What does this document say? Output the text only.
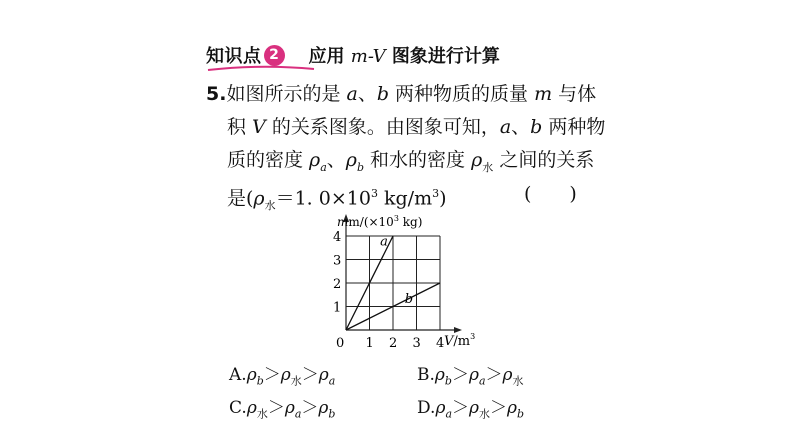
知识点 2	应用 m-V 图象进行计算
5.如图所示的是 a、b 两种物质的质量 m 与体
积 V 的关系图象。由图象可知，a、b 两种物
质的密度 $\rho_a$、$\rho_b$ 和水的密度 $\rho_水$ 之间的关系
是($\rho_水=1$. $0\times 10^3$ $kg/m^3$)	(　　)
a
b
0 1 2 3 4
1
2
3
4
$mm/(\times 10^3$ kg)
$V/m^3$
$A.\rho_b>\rho_水>\rho_a$	$B.\rho_b>\rho_a>\rho_水$
$C.\rho_水>\rho_a>\rho_b$	$D.\rho_a>\rho_水>\rho_b$
